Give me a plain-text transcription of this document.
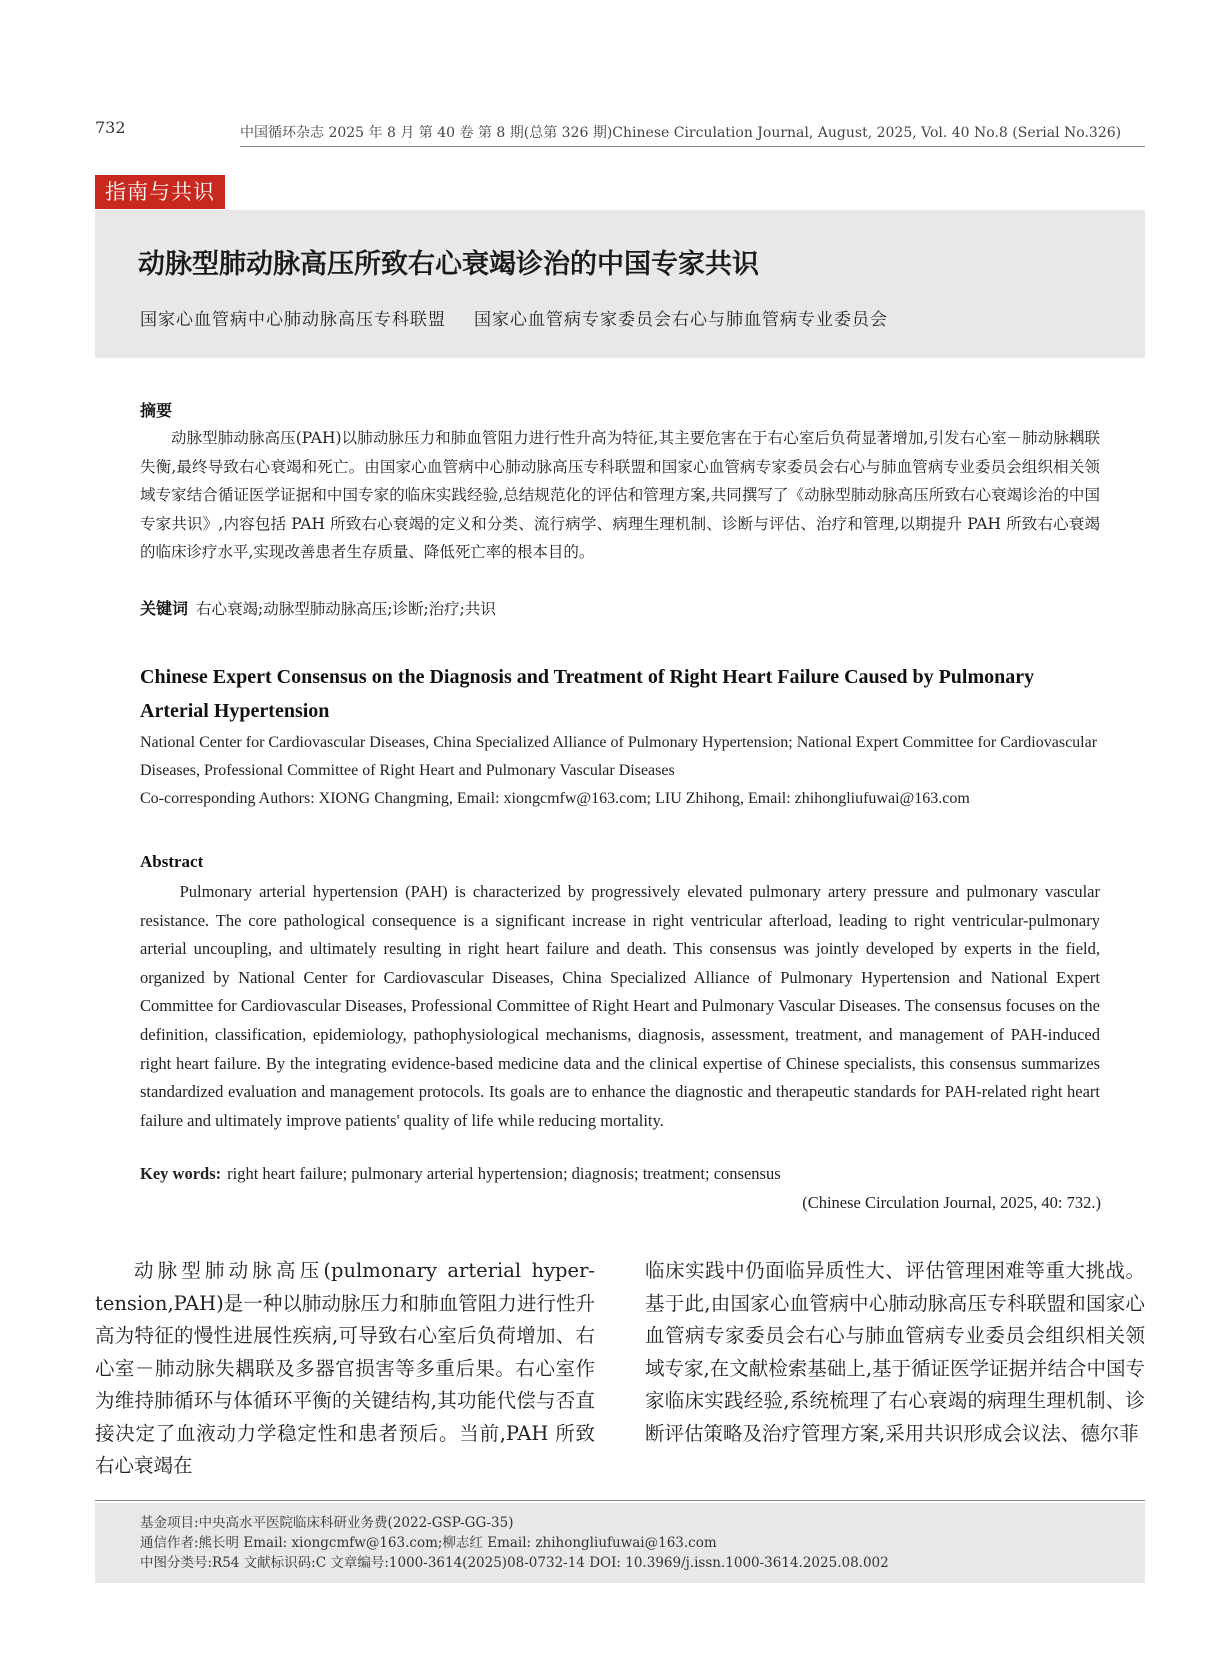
732	中国循环杂志 2025 年 8 月 第 40 卷 第 8 期(总第 326 期)Chinese Circulation Journal, August, 2025, Vol. 40 No.8 (Serial No.326)
指南与共识
动脉型肺动脉高压所致右心衰竭诊治的中国专家共识
国家心血管病中心肺动脉高压专科联盟 国家心血管病专家委员会右心与肺血管病专业委员会
摘要
动脉型肺动脉高压(PAH)以肺动脉压力和肺血管阻力进行性升高为特征,其主要危害在于右心室后负荷显著增加,引发右心室－肺动脉耦联失衡,最终导致右心衰竭和死亡。由国家心血管病中心肺动脉高压专科联盟和国家心血管病专家委员会右心与肺血管病专业委员会组织相关领域专家结合循证医学证据和中国专家的临床实践经验,总结规范化的评估和管理方案,共同撰写了《动脉型肺动脉高压所致右心衰竭诊治的中国专家共识》,内容包括 PAH 所致右心衰竭的定义和分类、流行病学、病理生理机制、诊断与评估、治疗和管理,以期提升 PAH 所致右心衰竭的临床诊疗水平,实现改善患者生存质量、降低死亡率的根本目的。
关键词 右心衰竭;动脉型肺动脉高压;诊断;治疗;共识
Chinese Expert Consensus on the Diagnosis and Treatment of Right Heart Failure Caused by Pulmonary Arterial Hypertension
National Center for Cardiovascular Diseases, China Specialized Alliance of Pulmonary Hypertension; National Expert Committee for Cardiovascular Diseases, Professional Committee of Right Heart and Pulmonary Vascular Diseases
Co-corresponding Authors: XIONG Changming, Email: xiongcmfw@163.com; LIU Zhihong, Email: zhihongliufuwai@163.com
Abstract
Pulmonary arterial hypertension (PAH) is characterized by progressively elevated pulmonary artery pressure and pulmonary vascular resistance. The core pathological consequence is a significant increase in right ventricular afterload, leading to right ventricular-pulmonary arterial uncoupling, and ultimately resulting in right heart failure and death. This consensus was jointly developed by experts in the field, organized by National Center for Cardiovascular Diseases, China Specialized Alliance of Pulmonary Hypertension and National Expert Committee for Cardiovascular Diseases, Professional Committee of Right Heart and Pulmonary Vascular Diseases. The consensus focuses on the definition, classification, epidemiology, pathophysiological mechanisms, diagnosis, assessment, treatment, and management of PAH-induced right heart failure. By the integrating evidence-based medicine data and the clinical expertise of Chinese specialists, this consensus summarizes standardized evaluation and management protocols. Its goals are to enhance the diagnostic and therapeutic standards for PAH-related right heart failure and ultimately improve patients' quality of life while reducing mortality.
Key words: right heart failure; pulmonary arterial hypertension; diagnosis; treatment; consensus
(Chinese Circulation Journal, 2025, 40: 732.)
动脉型肺动脉高压(pulmonary arterial hyper-tension,PAH)是一种以肺动脉压力和肺血管阻力进行性升高为特征的慢性进展性疾病,可导致右心室后负荷增加、右心室－肺动脉失耦联及多器官损害等多重后果。右心室作为维持肺循环与体循环平衡的关键结构,其功能代偿与否直接决定了血液动力学稳定性和患者预后。当前,PAH 所致右心衰竭在
临床实践中仍面临异质性大、评估管理困难等重大挑战。基于此,由国家心血管病中心肺动脉高压专科联盟和国家心血管病专家委员会右心与肺血管病专业委员会组织相关领域专家,在文献检索基础上,基于循证医学证据并结合中国专家临床实践经验,系统梳理了右心衰竭的病理生理机制、诊断评估策略及治疗管理方案,采用共识形成会议法、德尔菲
基金项目:中央高水平医院临床科研业务费(2022-GSP-GG-35)
通信作者:熊长明 Email: xiongcmfw@163.com;柳志红 Email: zhihongliufuwai@163.com
中图分类号:R54 文献标识码:C 文章编号:1000-3614(2025)08-0732-14 DOI: 10.3969/j.issn.1000-3614.2025.08.002
